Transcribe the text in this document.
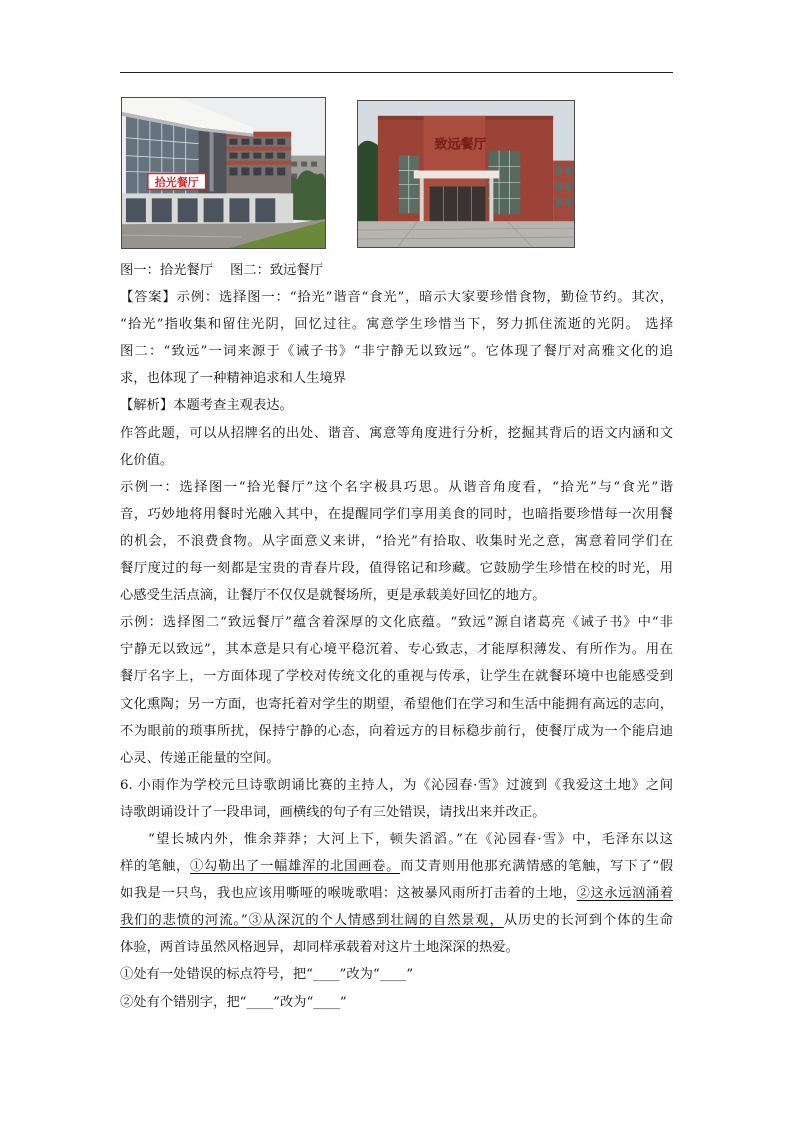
拾光餐厅
致远餐厅
图一：拾光餐厅    图二：致远餐厅
【答案】示例：选择图一：“拾光”谐音“食光”，暗示大家要珍惜食物，勤俭节约。其次，
“拾光”指收集和留住光阴，回忆过往。寓意学生珍惜当下，努力抓住流逝的光阴。 选择
图二：“致远”一词来源于《诫子书》“非宁静无以致远”。它体现了餐厅对高雅文化的追
求，也体现了一种精神追求和人生境界
【解析】本题考查主观表达。
作答此题，可以从招牌名的出处、谐音、寓意等角度进行分析，挖掘其背后的语文内涵和文
化价值。
示例一：选择图一“拾光餐厅”这个名字极具巧思。从谐音角度看，“拾光”与“食光”谐
音，巧妙地将用餐时光融入其中，在提醒同学们享用美食的同时，也暗指要珍惜每一次用餐
的机会，不浪费食物。从字面意义来讲，“拾光”有拾取、收集时光之意，寓意着同学们在
餐厅度过的每一刻都是宝贵的青春片段，值得铭记和珍藏。它鼓励学生珍惜在校的时光，用
心感受生活点滴，让餐厅不仅仅是就餐场所，更是承载美好回忆的地方。
示例：选择图二“致远餐厅”蕴含着深厚的文化底蕴。“致远”源自诸葛亮《诫子书》中“非
宁静无以致远”，其本意是只有心境平稳沉着、专心致志，才能厚积薄发、有所作为。用在
餐厅名字上，一方面体现了学校对传统文化的重视与传承，让学生在就餐环境中也能感受到
文化熏陶；另一方面，也寄托着对学生的期望，希望他们在学习和生活中能拥有高远的志向，
不为眼前的琐事所扰，保持宁静的心态，向着远方的目标稳步前行，使餐厅成为一个能启迪
心灵、传递正能量的空间。
6. 小雨作为学校元旦诗歌朗诵比赛的主持人，为《沁园春·雪》过渡到《我爱这土地》之间
诗歌朗诵设计了一段串词，画横线的句子有三处错误，请找出来并改正。
“望长城内外，惟余莽莽；大河上下，顿失滔滔。”在《沁园春·雪》中，毛泽东以这
样的笔触，①勾勒出了一幅雄浑的北国画卷。而艾青则用他那充满情感的笔触，写下了“假
如我是一只鸟，我也应该用嘶哑的喉咙歌唱：这被暴风雨所打击着的土地，②这永远汹涌着
我们的悲愤的河流。”③从深沉的个人情感到壮阔的自然景观，从历史的长河到个体的生命
体验，两首诗虽然风格迥异，却同样承载着对这片土地深深的热爱。
①处有一处错误的标点符号，把“____”改为“____”
②处有个错别字，把“____”改为“____”
